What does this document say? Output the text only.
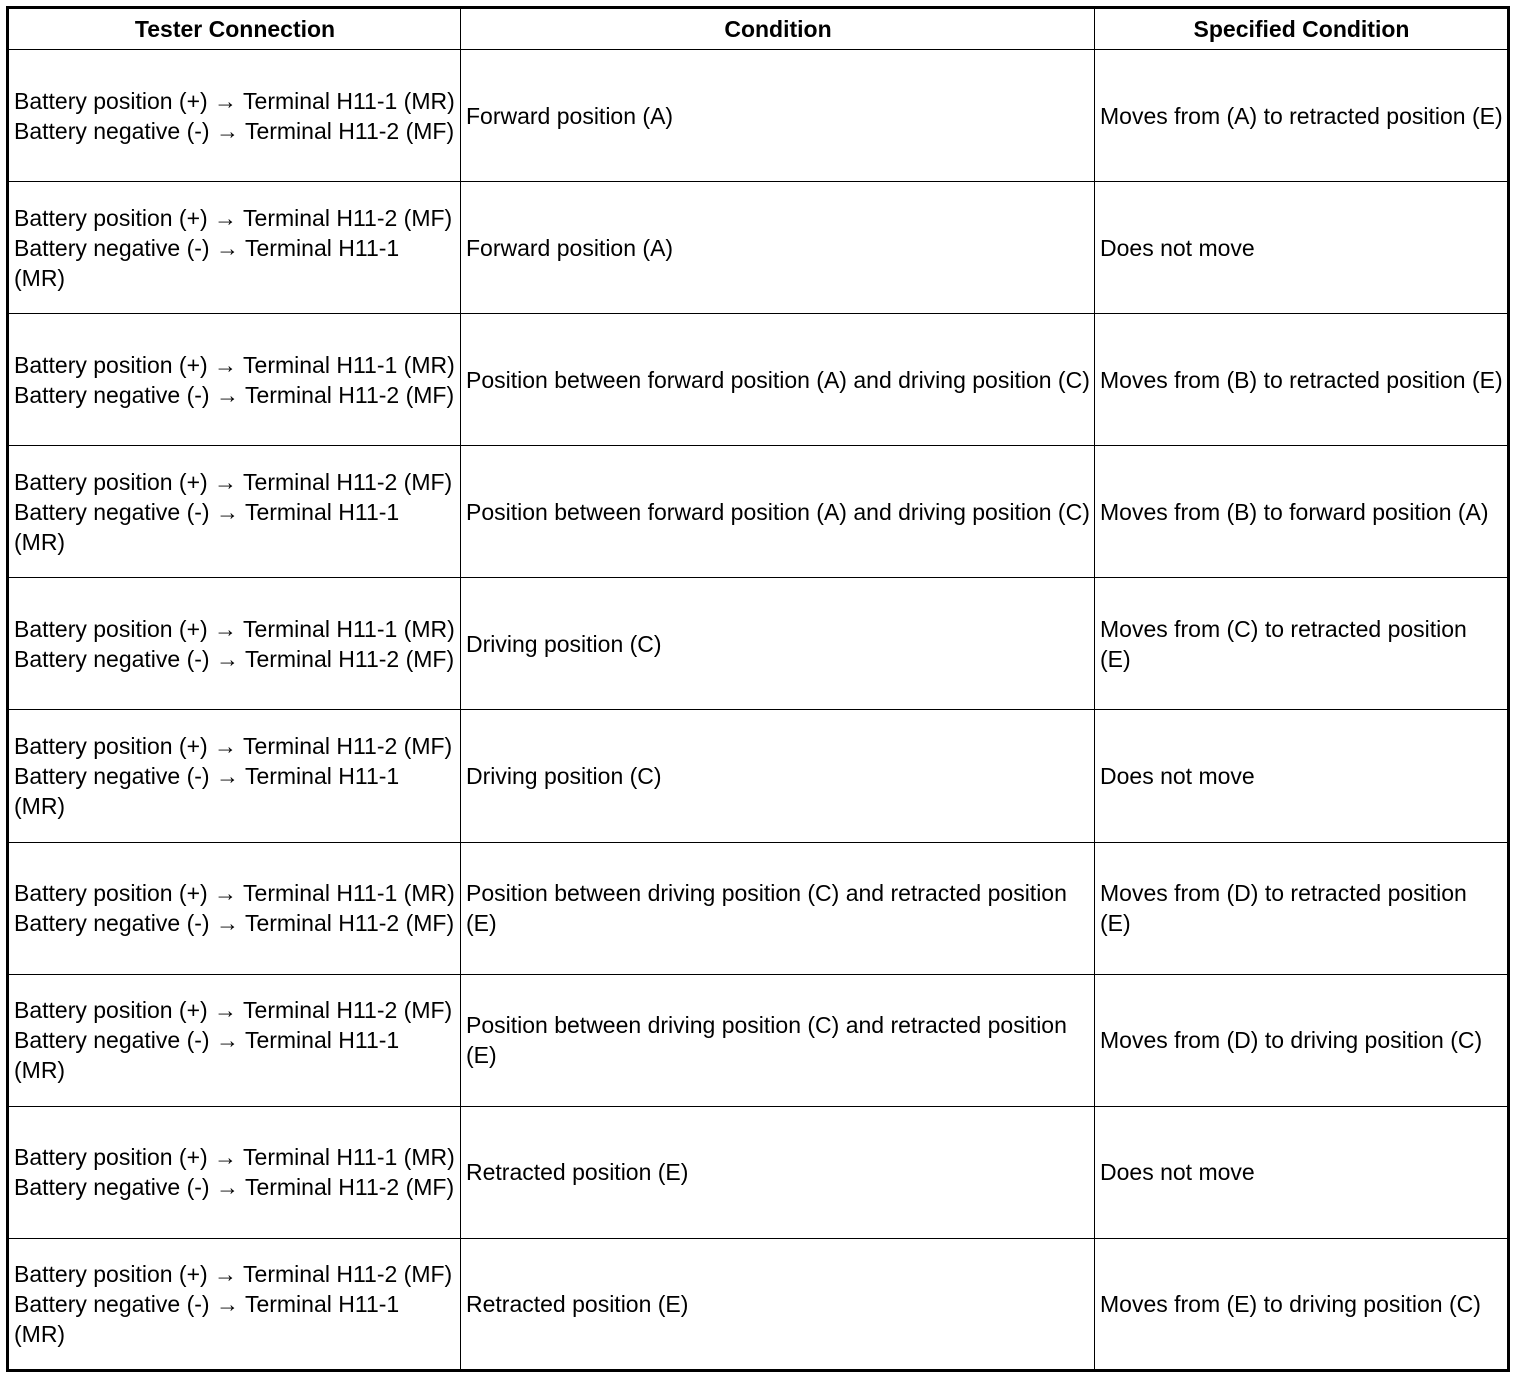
Tester Connection	Condition	Specified Condition

Battery position (+) → Terminal H11-1 (MR)
Battery negative (-) → Terminal H11-2 (MF)	Forward position (A)	Moves from (A) to retracted position (E)

Battery position (+) → Terminal H11-2 (MF)
Battery negative (-) → Terminal H11-1 (MR)	Forward position (A)	Does not move

Battery position (+) → Terminal H11-1 (MR)
Battery negative (-) → Terminal H11-2 (MF)	Position between forward position (A) and driving position (C)	Moves from (B) to retracted position (E)

Battery position (+) → Terminal H11-2 (MF)
Battery negative (-) → Terminal H11-1 (MR)	Position between forward position (A) and driving position (C)	Moves from (B) to forward position (A)

Battery position (+) → Terminal H11-1 (MR)
Battery negative (-) → Terminal H11-2 (MF)	Driving position (C)	Moves from (C) to retracted position (E)

Battery position (+) → Terminal H11-2 (MF)
Battery negative (-) → Terminal H11-1 (MR)	Driving position (C)	Does not move

Battery position (+) → Terminal H11-1 (MR)
Battery negative (-) → Terminal H11-2 (MF)	Position between driving position (C) and retracted position (E)	Moves from (D) to retracted position (E)

Battery position (+) → Terminal H11-2 (MF)
Battery negative (-) → Terminal H11-1 (MR)	Position between driving position (C) and retracted position (E)	Moves from (D) to driving position (C)

Battery position (+) → Terminal H11-1 (MR)
Battery negative (-) → Terminal H11-2 (MF)	Retracted position (E)	Does not move

Battery position (+) → Terminal H11-2 (MF)
Battery negative (-) → Terminal H11-1 (MR)	Retracted position (E)	Moves from (E) to driving position (C)
